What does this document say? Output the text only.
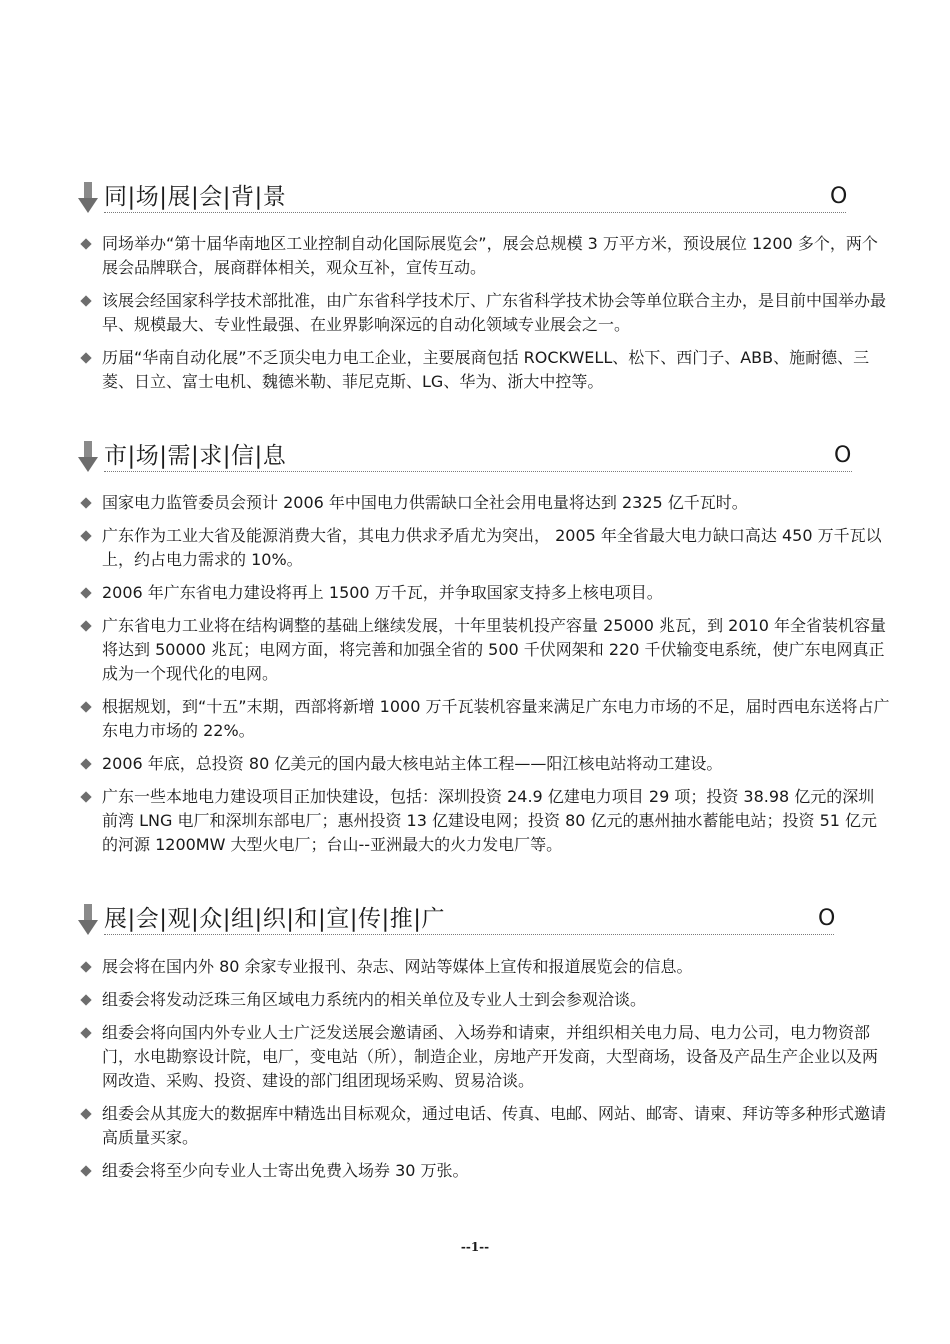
同|场|展|会|背|景	O
同场举办“第十届华南地区工业控制自动化国际展览会”，展会总规模 3 万平方米，预设展位 1200 多个，两个展会品牌联合，展商群体相关，观众互补，宣传互动。
该展会经国家科学技术部批准，由广东省科学技术厅、广东省科学技术协会等单位联合主办，是目前中国举办最早、规模最大、专业性最强、在业界影响深远的自动化领域专业展会之一。
历届“华南自动化展”不乏顶尖电力电工企业，主要展商包括 ROCKWELL、松下、西门子、ABB、施耐德、三菱、日立、富士电机、魏德米勒、菲尼克斯、LG、华为、浙大中控等。
市|场|需|求|信|息	O
国家电力监管委员会预计 2006 年中国电力供需缺口全社会用电量将达到 2325 亿千瓦时。
广东作为工业大省及能源消费大省，其电力供求矛盾尤为突出， 2005 年全省最大电力缺口高达 450 万千瓦以上，约占电力需求的 10%。
2006 年广东省电力建设将再上 1500 万千瓦，并争取国家支持多上核电项目。
广东省电力工业将在结构调整的基础上继续发展，十年里装机投产容量 25000 兆瓦，到 2010 年全省装机容量将达到 50000 兆瓦；电网方面，将完善和加强全省的 500 千伏网架和 220 千伏输变电系统，使广东电网真正成为一个现代化的电网。
根据规划，到“十五”末期，西部将新增 1000 万千瓦装机容量来满足广东电力市场的不足，届时西电东送将占广东电力市场的 22%。
2006 年底，总投资 80 亿美元的国内最大核电站主体工程——阳江核电站将动工建设。
广东一些本地电力建设项目正加快建设，包括：深圳投资 24.9 亿建电力项目 29 项；投资 38.98 亿元的深圳前湾 LNG 电厂和深圳东部电厂；惠州投资 13 亿建设电网；投资 80 亿元的惠州抽水蓄能电站；投资 51 亿元的河源 1200MW 大型火电厂；台山--亚洲最大的火力发电厂等。
展|会|观|众|组|织|和|宣|传|推|广	O
展会将在国内外 80 余家专业报刊、杂志、网站等媒体上宣传和报道展览会的信息。
组委会将发动泛珠三角区域电力系统内的相关单位及专业人士到会参观洽谈。
组委会将向国内外专业人士广泛发送展会邀请函、入场券和请柬，并组织相关电力局、电力公司，电力物资部门，水电勘察设计院，电厂，变电站（所），制造企业，房地产开发商，大型商场，设备及产品生产企业以及两网改造、采购、投资、建设的部门组团现场采购、贸易洽谈。
组委会从其庞大的数据库中精选出目标观众，通过电话、传真、电邮、网站、邮寄、请柬、拜访等多种形式邀请高质量买家。
组委会将至少向专业人士寄出免费入场券 30 万张。
--1--
